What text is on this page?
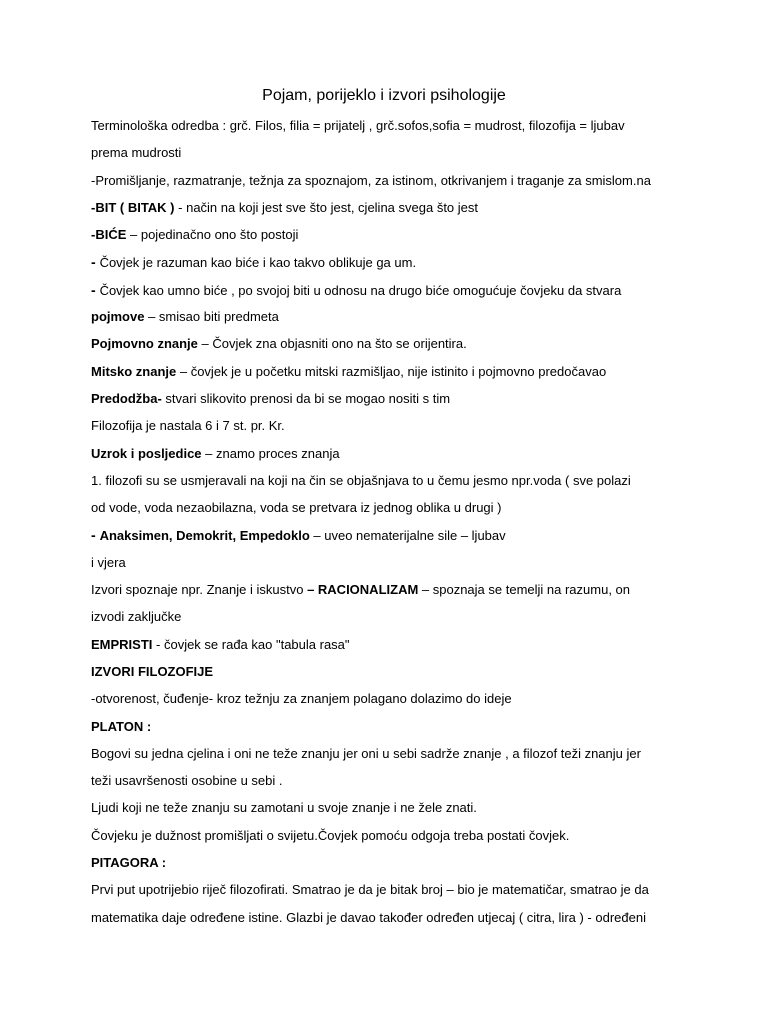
Pojam, porijeklo i izvori psihologije
Terminološka odredba : grč. Filos, filia = prijatelj , grč.sofos,sofia = mudrost, filozofija = ljubav
prema mudrosti
-Promišljanje, razmatranje, težnja za spoznajom, za istinom, otkrivanjem i traganje za smislom.na
-BIT ( BITAK ) - način na koji jest sve što jest, cjelina svega što jest
-BIĆE – pojedinačno ono što postoji
- Čovjek je razuman kao biće i kao takvo oblikuje ga um.
- Čovjek kao umno biće , po svojoj biti u odnosu na drugo biće omogućuje čovjeku da stvara
pojmove – smisao biti predmeta
Pojmovno znanje – Čovjek zna objasniti ono na što se orijentira.
Mitsko znanje – čovjek je u početku mitski razmišljao, nije istinito i pojmovno predočavao
Predodžba- stvari slikovito prenosi da bi se mogao nositi s tim
Filozofija je nastala 6 i 7 st. pr. Kr.
Uzrok i posljedice – znamo proces znanja
1. filozofi su se usmjeravali na koji na čin se objašnjava to u čemu jesmo npr.voda ( sve polazi
od vode, voda nezaobilazna, voda se pretvara iz jednog oblika u drugi )
- Anaksimen, Demokrit, Empedoklo – uveo nematerijalne sile – ljubav
i vjera
Izvori spoznaje npr. Znanje i iskustvo – RACIONALIZAM – spoznaja se temelji na razumu, on
izvodi zaključke
EMPRISTI - čovjek se rađa kao "tabula rasa"
IZVORI FILOZOFIJE
-otvorenost, čuđenje- kroz težnju za znanjem polagano dolazimo do ideje
PLATON :
Bogovi su jedna cjelina i oni ne teže znanju jer oni u sebi sadrže znanje , a filozof teži znanju jer
teži usavršenosti osobine u sebi .
Ljudi koji ne teže znanju su zamotani u svoje znanje i ne žele znati.
Čovjeku je dužnost promišljati o svijetu.Čovjek pomoću odgoja treba postati čovjek.
PITAGORA :
Prvi put upotrijebio riječ filozofirati. Smatrao je da je bitak broj – bio je matematičar, smatrao je da
matematika daje određene istine. Glazbi je davao također određen utjecaj ( citra, lira ) - određeni
